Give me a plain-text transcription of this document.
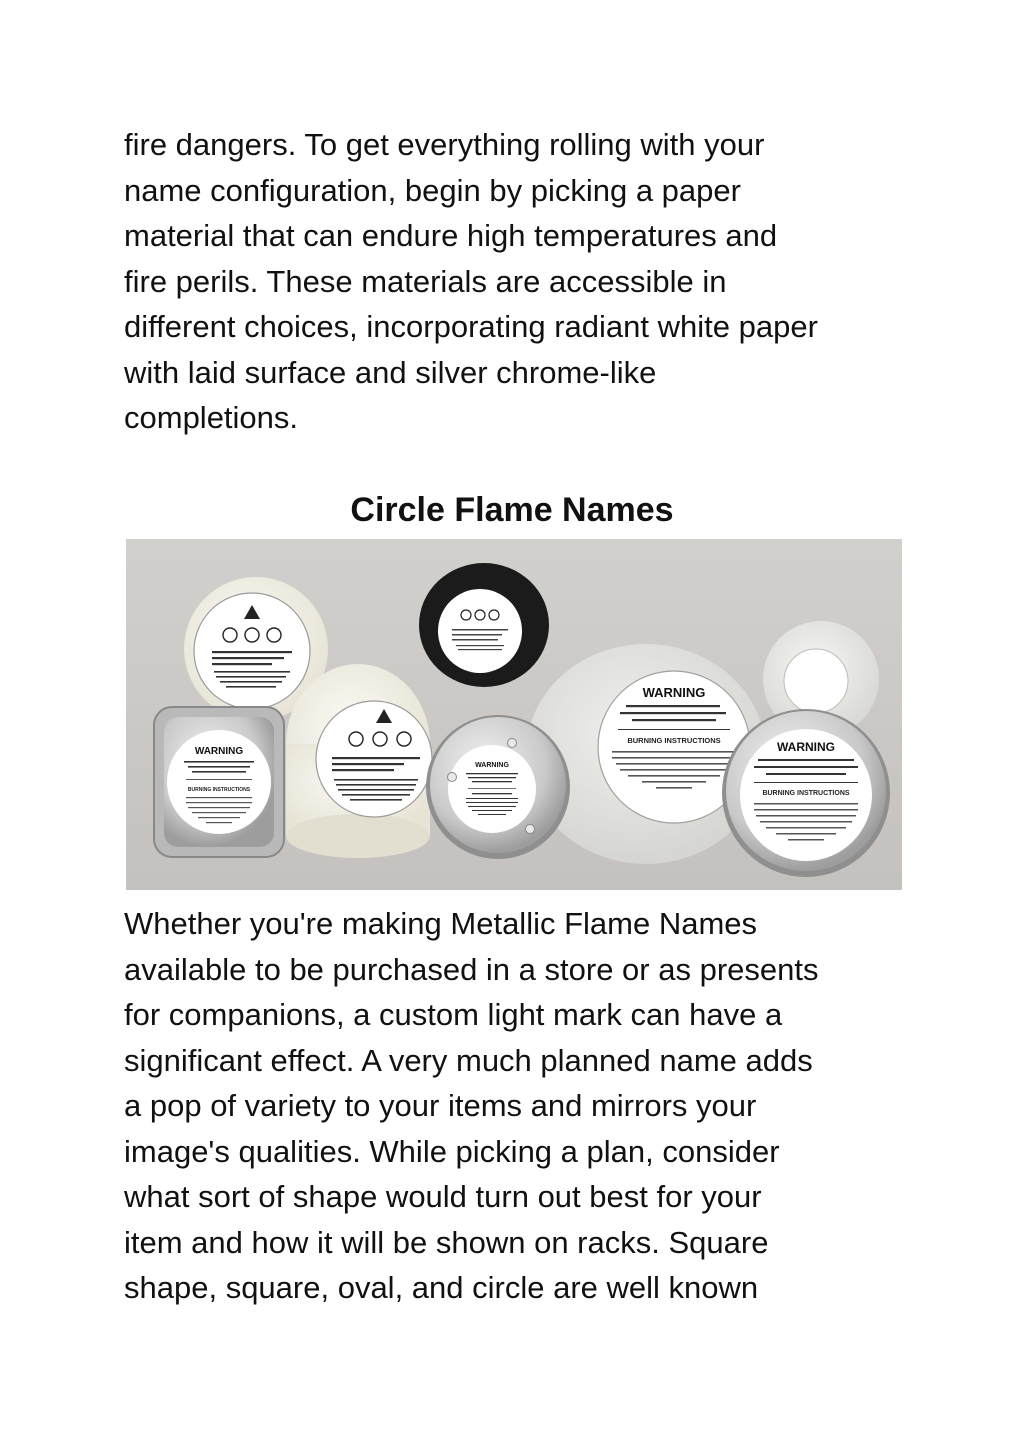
fire dangers. To get everything rolling with your
name configuration, begin by picking a paper
material that can endure high temperatures and
fire perils. These materials are accessible in
different choices, incorporating radiant white paper
with laid surface and silver chrome-like
completions.
Circle Flame Names
WARNING
BURNING INSTRUCTIONS
WARNING
WARNING
BURNING INSTRUCTIONS	WARNING
BURNING INSTRUCTIONS
Whether you're making Metallic Flame Names
available to be purchased in a store or as presents
for companions, a custom light mark can have a
significant effect. A very much planned name adds
a pop of variety to your items and mirrors your
image's qualities. While picking a plan, consider
what sort of shape would turn out best for your
item and how it will be shown on racks. Square
shape, square, oval, and circle are well known
